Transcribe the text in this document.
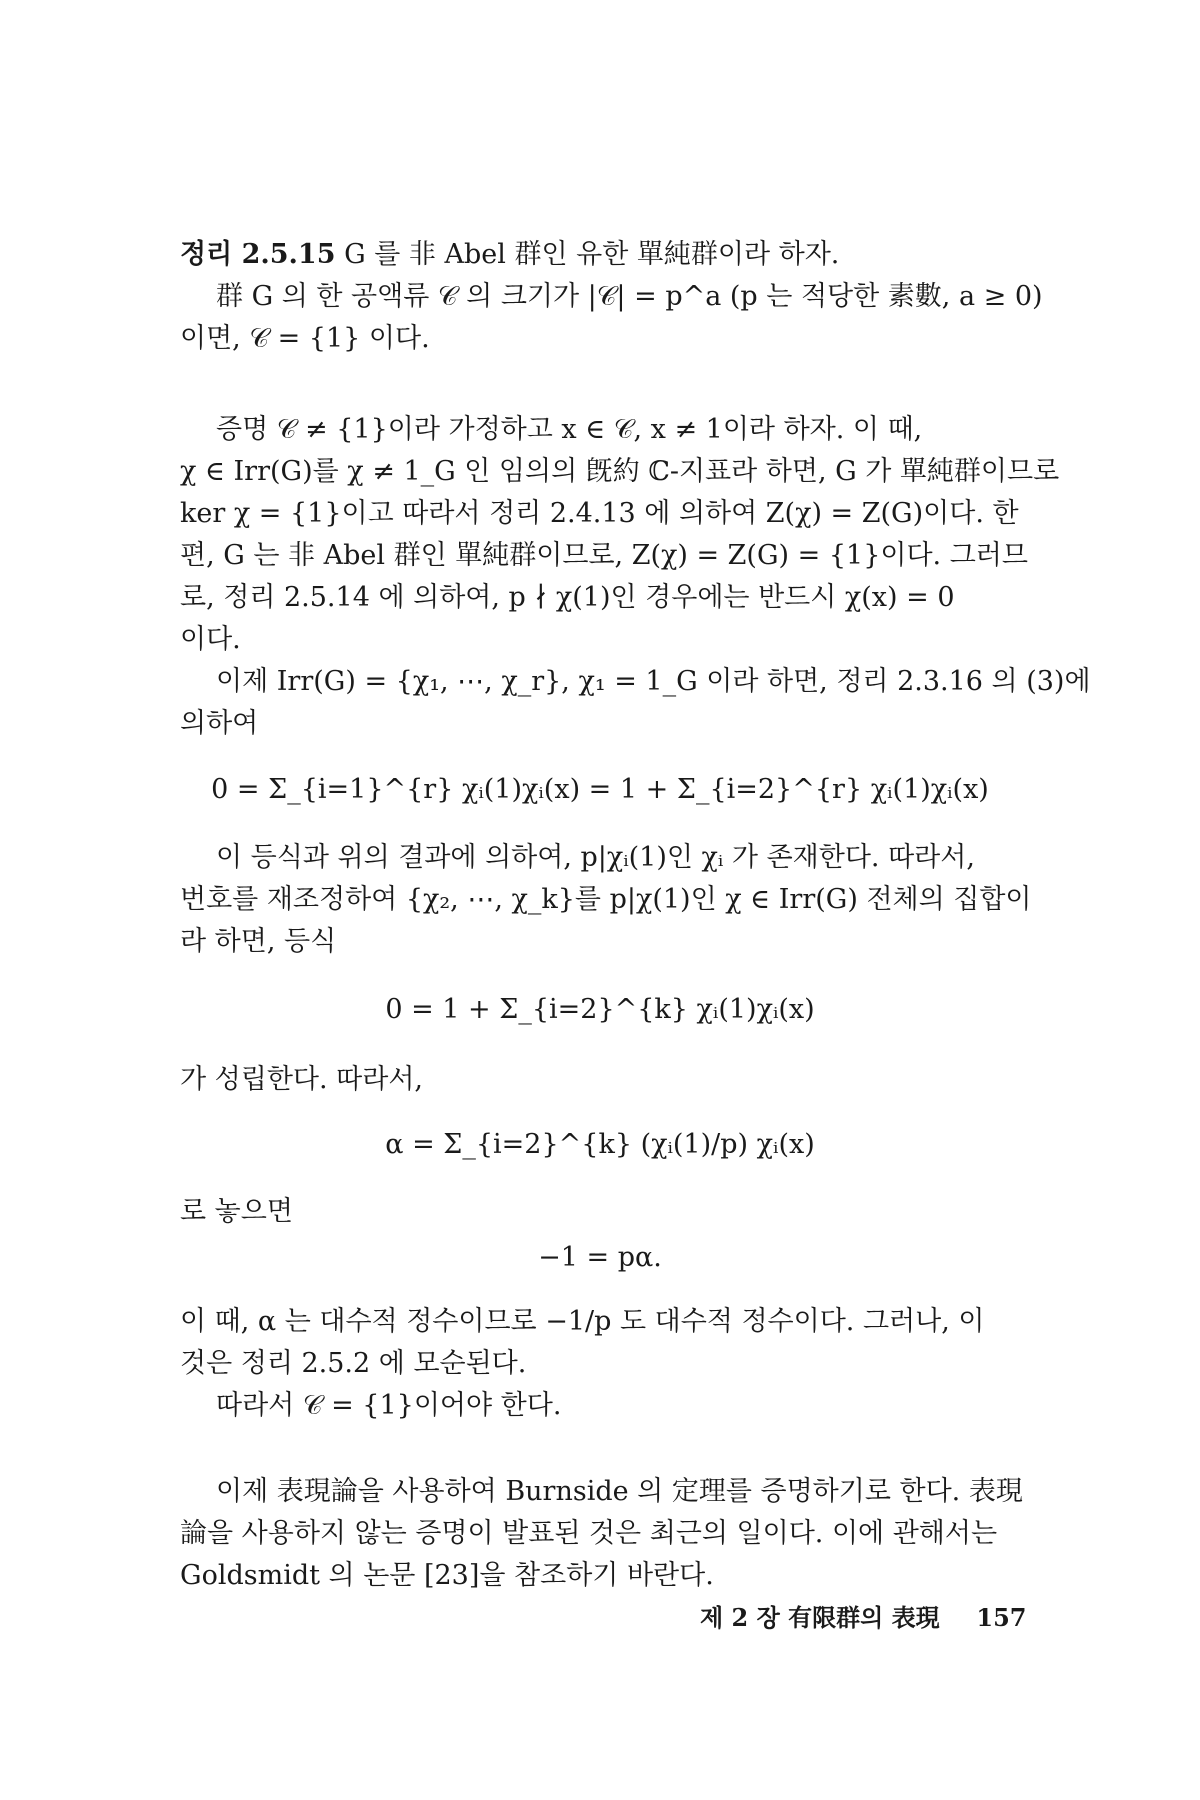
정리 2.5.15 G 를 非 Abel 群인 유한 單純群이라 하자.
群 G 의 한 공액류 𝒞 의 크기가 |𝒞| = p^a (p 는 적당한 素數, a ≥ 0)
이면, 𝒞 = {1} 이다.
증명 𝒞 ≠ {1}이라 가정하고 x ∈ 𝒞, x ≠ 1이라 하자. 이 때,
χ ∈ Irr(G)를 χ ≠ 1_G 인 임의의 旣約 ℂ-지표라 하면, G 가 單純群이므로
ker χ = {1}이고 따라서 정리 2.4.13 에 의하여 Z(χ) = Z(G)이다. 한
편, G 는 非 Abel 群인 單純群이므로, Z(χ) = Z(G) = {1}이다. 그러므
로, 정리 2.5.14 에 의하여, p ∤ χ(1)인 경우에는 반드시 χ(x) = 0
이다.
이제 Irr(G) = {χ₁, ⋯, χ_r}, χ₁ = 1_G 이라 하면, 정리 2.3.16 의 (3)에
의하여
0 = Σ_{i=1}^{r} χᵢ(1)χᵢ(x) = 1 + Σ_{i=2}^{r} χᵢ(1)χᵢ(x)
이 등식과 위의 결과에 의하여, p|χᵢ(1)인 χᵢ 가 존재한다. 따라서,
번호를 재조정하여 {χ₂, ⋯, χ_k}를 p|χ(1)인 χ ∈ Irr(G) 전체의 집합이
라 하면, 등식
0 = 1 + Σ_{i=2}^{k} χᵢ(1)χᵢ(x)
가 성립한다. 따라서,
α = Σ_{i=2}^{k} (χᵢ(1)/p) χᵢ(x)
로 놓으면
−1 = pα.
이 때, α 는 대수적 정수이므로 −1/p 도 대수적 정수이다. 그러나, 이
것은 정리 2.5.2 에 모순된다.
따라서 𝒞 = {1}이어야 한다.
이제 表現論을 사용하여 Burnside 의 定理를 증명하기로 한다. 表現
論을 사용하지 않는 증명이 발표된 것은 최근의 일이다. 이에 관해서는
Goldsmidt 의 논문 [23]을 참조하기 바란다.
제 2 장 有限群의 表現 157
